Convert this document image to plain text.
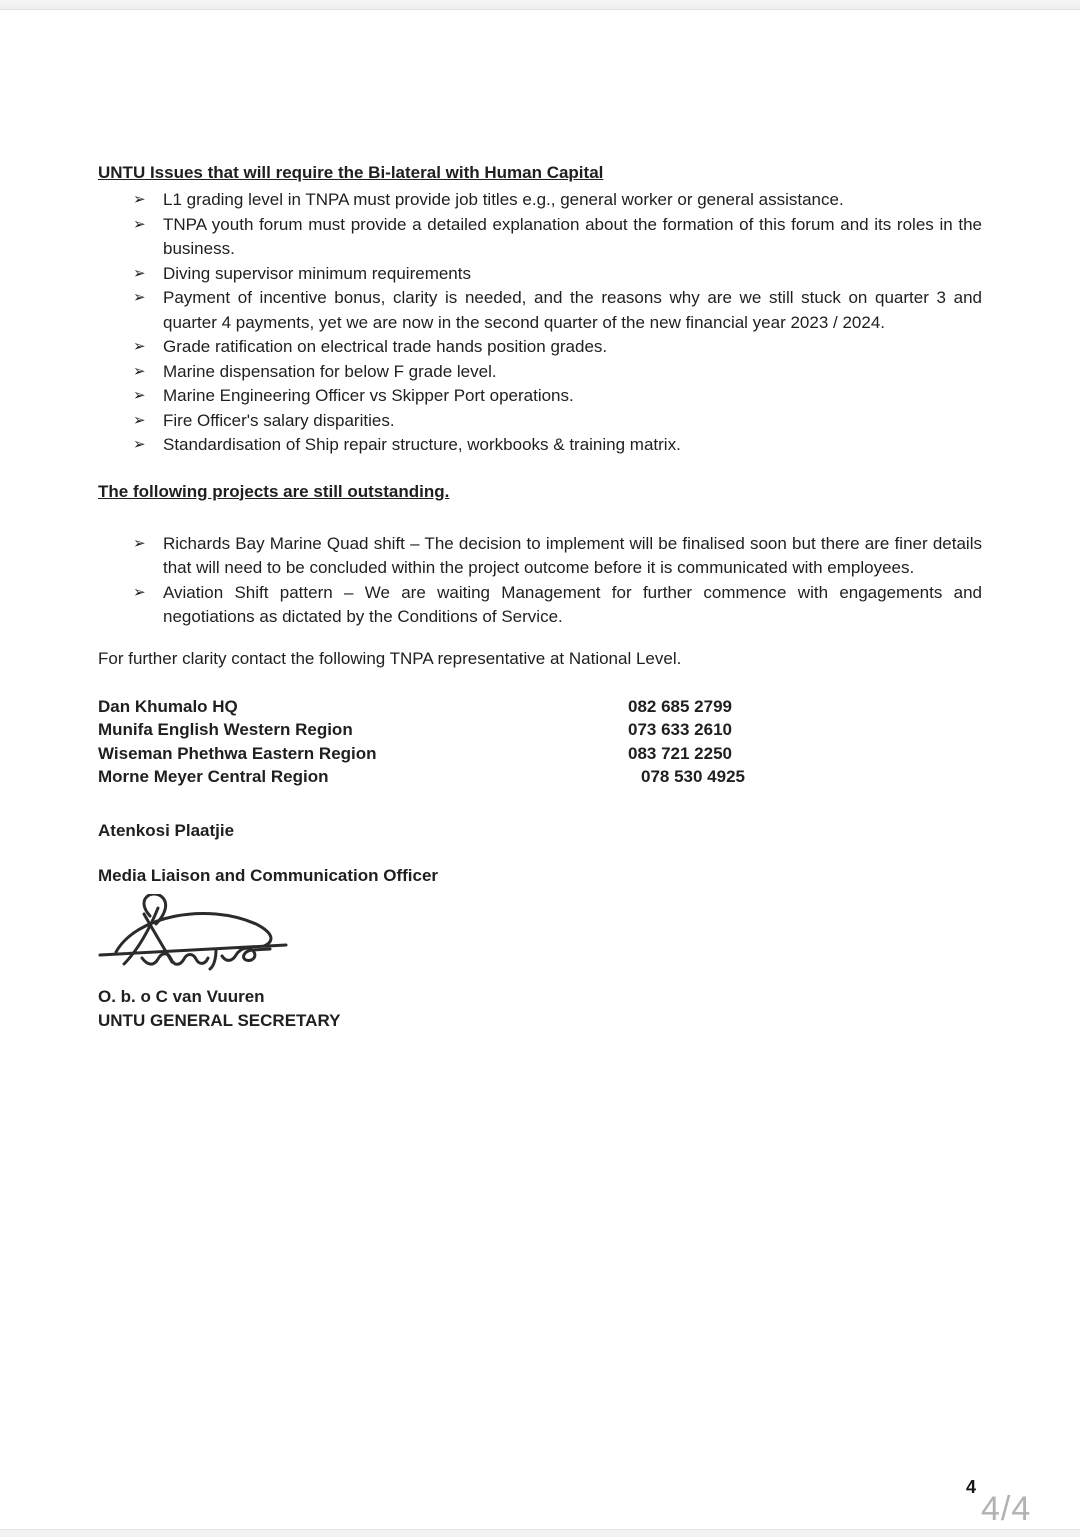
UNTU Issues that will require the Bi-lateral with Human Capital
➢ L1 grading level in TNPA must provide job titles e.g., general worker or general assistance.
➢ TNPA youth forum must provide a detailed explanation about the formation of this forum and its roles in the business.
➢ Diving supervisor minimum requirements
➢ Payment of incentive bonus, clarity is needed, and the reasons why are we still stuck on quarter 3 and quarter 4 payments, yet we are now in the second quarter of the new financial year 2023 / 2024.
➢ Grade ratification on electrical trade hands position grades.
➢ Marine dispensation for below F grade level.
➢ Marine Engineering Officer vs Skipper Port operations.
➢ Fire Officer's salary disparities.
➢ Standardisation of Ship repair structure, workbooks & training matrix.
The following projects are still outstanding.
➢ Richards Bay Marine Quad shift – The decision to implement will be finalised soon but there are finer details that will need to be concluded within the project outcome before it is communicated with employees.
➢ Aviation Shift pattern – We are waiting Management for further commence with engagements and negotiations as dictated by the Conditions of Service.

For further clarity contact the following TNPA representative at National Level.

Dan Khumalo HQ	082 685 2799
Munifa English Western Region	073 633 2610
Wiseman Phethwa Eastern Region	083 721 2250
Morne Meyer Central Region	078 530 4925
Atenkosi Plaatjie
Media Liaison and Communication Officer
O. b. o C van Vuuren
UNTU GENERAL SECRETARY
4
4/4
